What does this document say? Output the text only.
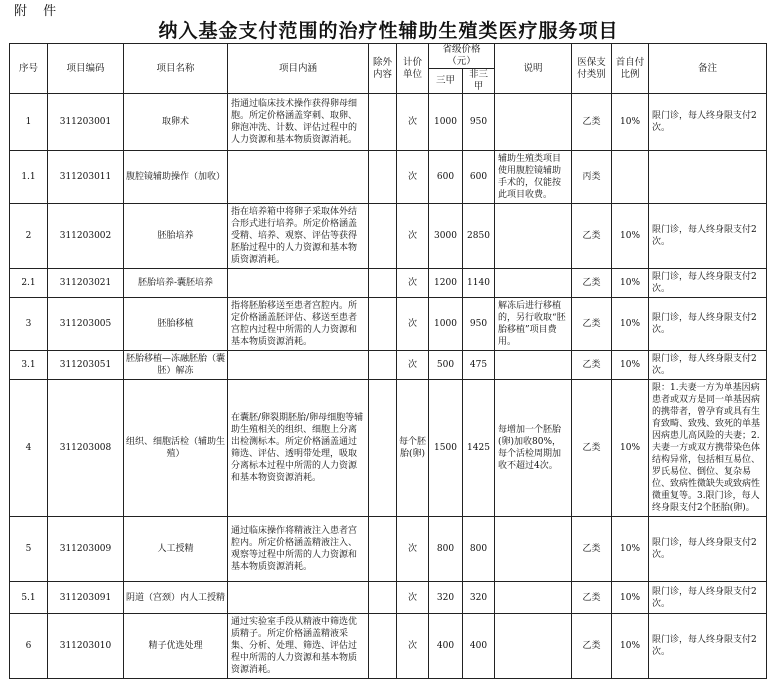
附 件
纳入基金支付范围的治疗性辅助生殖类医疗服务项目
序号	项目编码	项目名称	项目内涵	除外内容	计价单位	省级价格（元）		说明	医保支付类别	首自付比例	备注
						三甲	非三甲				
1	311203001	取卵术	指通过临床技术操作获得卵母细胞。所定价格涵盖穿刺、取卵、卵泡冲洗、计数、评估过程中的人力资源和基本物质资源消耗。		次	1000	950		乙类	10%	限门诊，每人终身限支付2次。
1.1	311203011	腹腔镜辅助操作（加收）			次	600	600	辅助生殖类项目使用腹腔镜辅助手术的，仅能按此项目收费。	丙类		
2	311203002	胚胎培养	指在培养箱中将卵子采取体外结合形式进行培养。所定价格涵盖受精、培养、观察、评估等获得胚胎过程中的人力资源和基本物质资源消耗。		次	3000	2850		乙类	10%	限门诊，每人终身限支付2次。
2.1	311203021	胚胎培养-囊胚培养			次	1200	1140		乙类	10%	限门诊，每人终身限支付2次。
3	311203005	胚胎移植	指将胚胎移送至患者宫腔内。所定价格涵盖胚评估、移送至患者宫腔内过程中所需的人力资源和基本物质资源消耗。		次	1000	950	解冻后进行移植的，另行收取“胚胎移植”项目费用。	乙类	10%	限门诊，每人终身限支付2次。
3.1	311203051	胚胎移植—冻融胚胎（囊胚）解冻			次	500	475		乙类	10%	限门诊，每人终身限支付2次。
4	311203008	组织、细胞活检（辅助生殖）	在囊胚/卵裂期胚胎/卵母细胞等辅助生殖相关的组织、细胞上分离出检测标本。所定价格涵盖通过筛选、评估、透明带处理，吸取分离标本过程中所需的人力资源和基本物资资源消耗。		每个胚胎(卵)	1500	1425	每增加一个胚胎(卵)加收80%，每个活检周期加收不超过4次。	乙类	10%	限：1.夫妻一方为单基因病患者或双方是同一单基因病的携带者，曾孕育或具有生育致畸、致残、致死的单基因病患儿高风险的夫妻；2.夫妻一方或双方携带染色体结构异常，包括相互易位、罗氏易位、倒位、复杂易位、致病性微缺失或致病性微重复等。3.限门诊，每人终身限支付2个胚胎(卵)。
5	311203009	人工授精	通过临床操作将精液注入患者宫腔内。所定价格涵盖精液注入、观察等过程中所需的人力资源和基本物质资源消耗。		次	800	800		乙类	10%	限门诊，每人终身限支付2次。
5.1	311203091	阴道（宫颈）内人工授精			次	320	320		乙类	10%	限门诊，每人终身限支付2次。
6	311203010	精子优选处理	通过实验室手段从精液中筛选优质精子。所定价格涵盖精液采集、分析、处理、筛选、评估过程中所需的人力资源和基本物质资源消耗。		次	400	400		乙类	10%	限门诊，每人终身限支付2次。
